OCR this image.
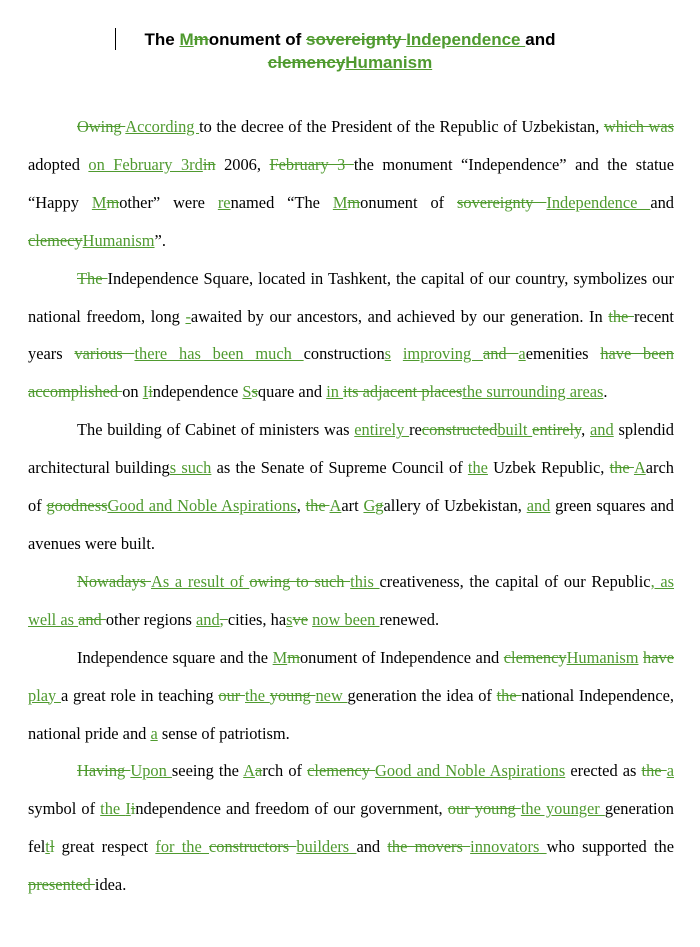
The Mmonument of sovereignty Independence and
clemencyHumanism

Owing According to the decree of the President of the Republic of Uzbekistan, which was adopted on February 3rdin 2006, February 3 the monument “Independence” and the statue “Happy Mmother” were renamed “The Mmonument of sovereignty Independence and clemecyHumanism”.

The Independence Square, located in Tashkent, the capital of our country, symbolizes our national freedom, long -awaited by our ancestors, and achieved by our generation. In the recent years various there has been much constructions improving and aemenities have been accomplished on Iindependence Ssquare and in its adjacent placesthe surrounding areas.

The building of Cabinet of ministers was entirely reconstructedbuilt entirely, and splendid architectural buildings such as the Senate of Supreme Council of the Uzbek Republic, the Aarch of goodnessGood and Noble Aspirations, the Aart Ggallery of Uzbekistan, and green squares and avenues were built.

Nowadays As a result of owing to such this creativeness, the capital of our Republic, as well as and other regions and, cities, hasve now been renewed.

Independence square and the Mmonument of Independence and clemencyHumanism have play a great role in teaching our the young new generation the idea of the national Independence, national pride and a sense of patriotism.

Having Upon seeing the Aarch of clemency Good and Noble Aspirations erected as the a symbol of the Iindependence and freedom of our government, our young the younger generation feltl great respect for the constructors builders and the movers innovators who supported the presented idea.
